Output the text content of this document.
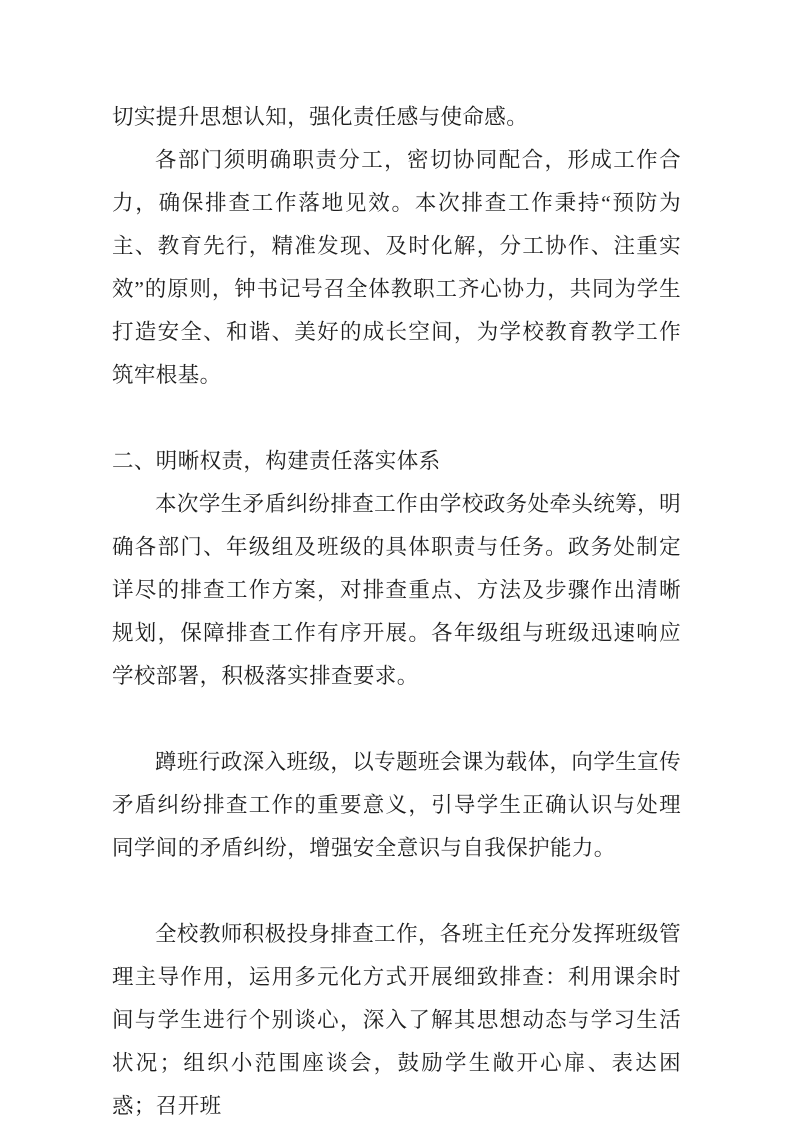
切实提升思想认知，强化责任感与使命感。

各部门须明确职责分工，密切协同配合，形成工作合力，确保排查工作落地见效。本次排查工作秉持“预防为主、教育先行，精准发现、及时化解，分工协作、注重实效”的原则，钟书记号召全体教职工齐心协力，共同为学生打造安全、和谐、美好的成长空间，为学校教育教学工作筑牢根基。

二、明晰权责，构建责任落实体系

本次学生矛盾纠纷排查工作由学校政务处牵头统筹，明确各部门、年级组及班级的具体职责与任务。政务处制定详尽的排查工作方案，对排查重点、方法及步骤作出清晰规划，保障排查工作有序开展。各年级组与班级迅速响应学校部署，积极落实排查要求。

蹲班行政深入班级，以专题班会课为载体，向学生宣传矛盾纠纷排查工作的重要意义，引导学生正确认识与处理同学间的矛盾纠纷，增强安全意识与自我保护能力。

全校教师积极投身排查工作，各班主任充分发挥班级管理主导作用，运用多元化方式开展细致排查：利用课余时间与学生进行个别谈心，深入了解其思想动态与学习生活状况；组织小范围座谈会，鼓励学生敞开心扉、表达困惑；召开班
